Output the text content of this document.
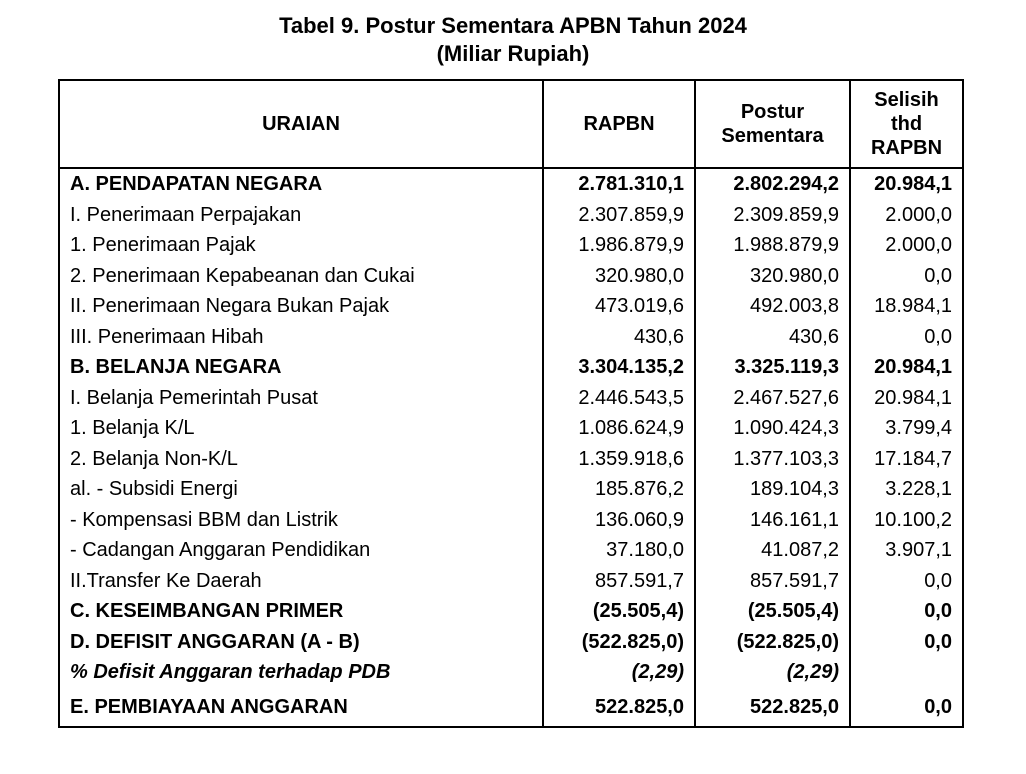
Tabel 9. Postur Sementara APBN Tahun 2024
(Miliar Rupiah)
URAIAN	RAPBN	Postur Sementara	Selisih thd RAPBN
A. PENDAPATAN NEGARA	2.781.310,1	2.802.294,2	20.984,1
I. Penerimaan Perpajakan	2.307.859,9	2.309.859,9	2.000,0
1. Penerimaan Pajak	1.986.879,9	1.988.879,9	2.000,0
2. Penerimaan Kepabeanan dan Cukai	320.980,0	320.980,0	0,0
II. Penerimaan Negara Bukan Pajak	473.019,6	492.003,8	18.984,1
III. Penerimaan Hibah	430,6	430,6	0,0
B. BELANJA NEGARA	3.304.135,2	3.325.119,3	20.984,1
I. Belanja Pemerintah Pusat	2.446.543,5	2.467.527,6	20.984,1
1. Belanja K/L	1.086.624,9	1.090.424,3	3.799,4
2. Belanja Non-K/L	1.359.918,6	1.377.103,3	17.184,7
al. - Subsidi Energi	185.876,2	189.104,3	3.228,1
- Kompensasi BBM dan Listrik	136.060,9	146.161,1	10.100,2
- Cadangan Anggaran Pendidikan	37.180,0	41.087,2	3.907,1
II.Transfer Ke Daerah	857.591,7	857.591,7	0,0
C. KESEIMBANGAN PRIMER	(25.505,4)	(25.505,4)	0,0
D. DEFISIT ANGGARAN (A - B)	(522.825,0)	(522.825,0)	0,0
% Defisit Anggaran terhadap PDB	(2,29)	(2,29)	
E. PEMBIAYAAN ANGGARAN	522.825,0	522.825,0	0,0
